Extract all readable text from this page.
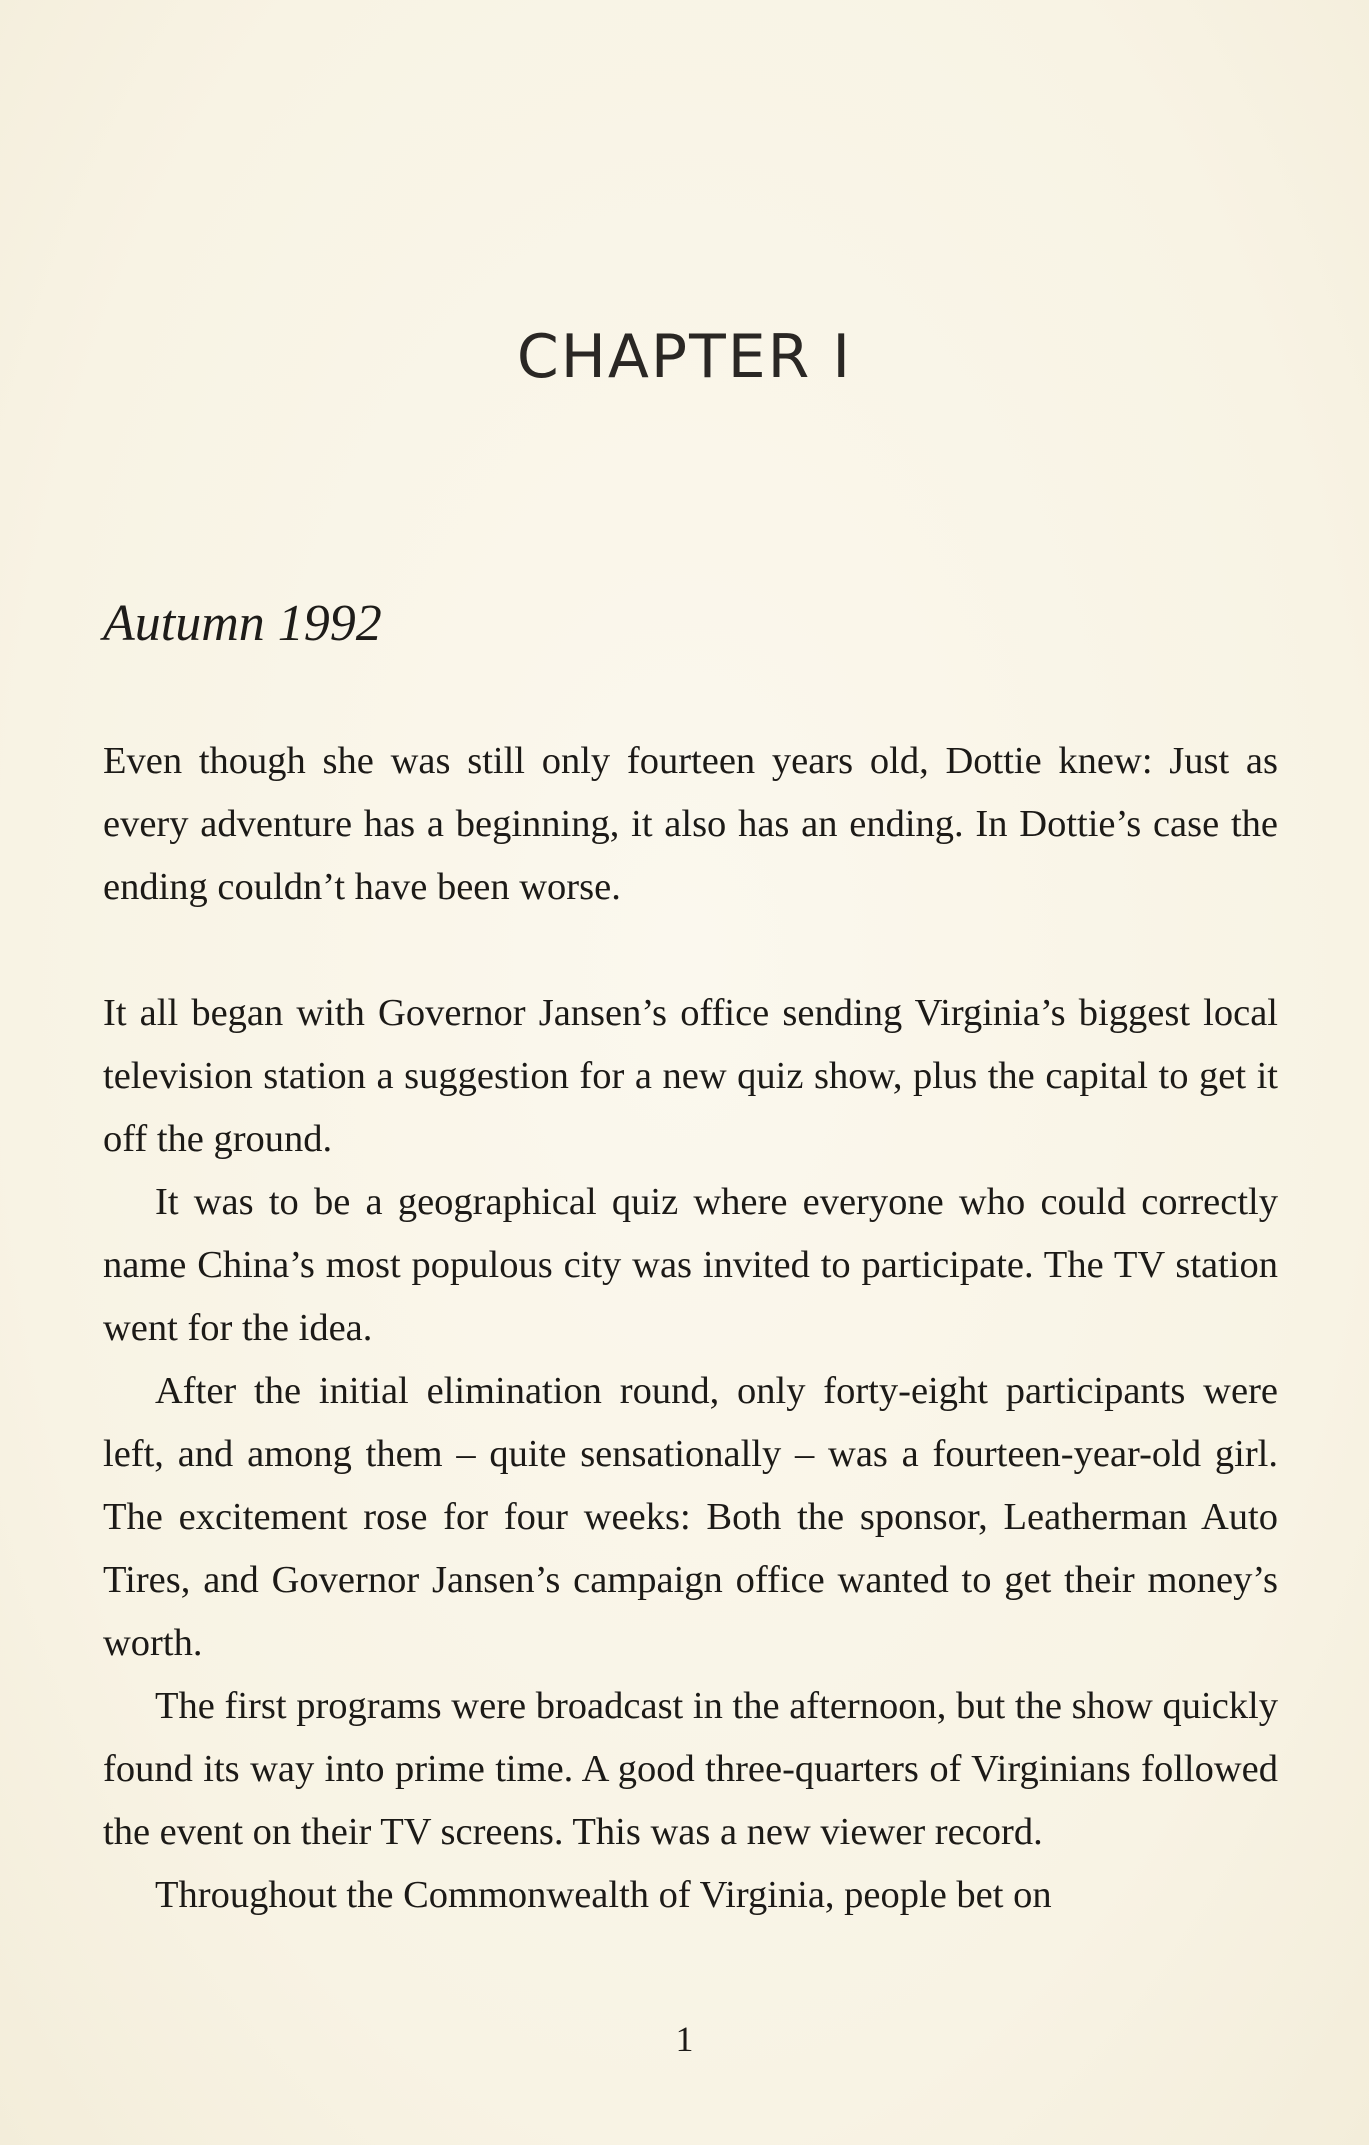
CHAPTER I
Autumn 1992

Even though she was still only fourteen years old, Dottie knew: Just as every adventure has a beginning, it also has an ending. In Dottie’s case the ending couldn’t have been worse.

It all began with Governor Jansen’s office sending Virginia’s biggest local television station a suggestion for a new quiz show, plus the capital to get it off the ground.

It was to be a geographical quiz where everyone who could correctly name China’s most populous city was invited to participate. The TV station went for the idea.

After the initial elimination round, only forty-eight participants were left, and among them – quite sensationally – was a fourteen-year-old girl. The excitement rose for four weeks: Both the sponsor, Leatherman Auto Tires, and Governor Jansen’s campaign office wanted to get their money’s worth.

The first programs were broadcast in the afternoon, but the show quickly found its way into prime time. A good three-quarters of Virginians followed the event on their TV screens. This was a new viewer record.

Throughout the Commonwealth of Virginia, people bet on

1
